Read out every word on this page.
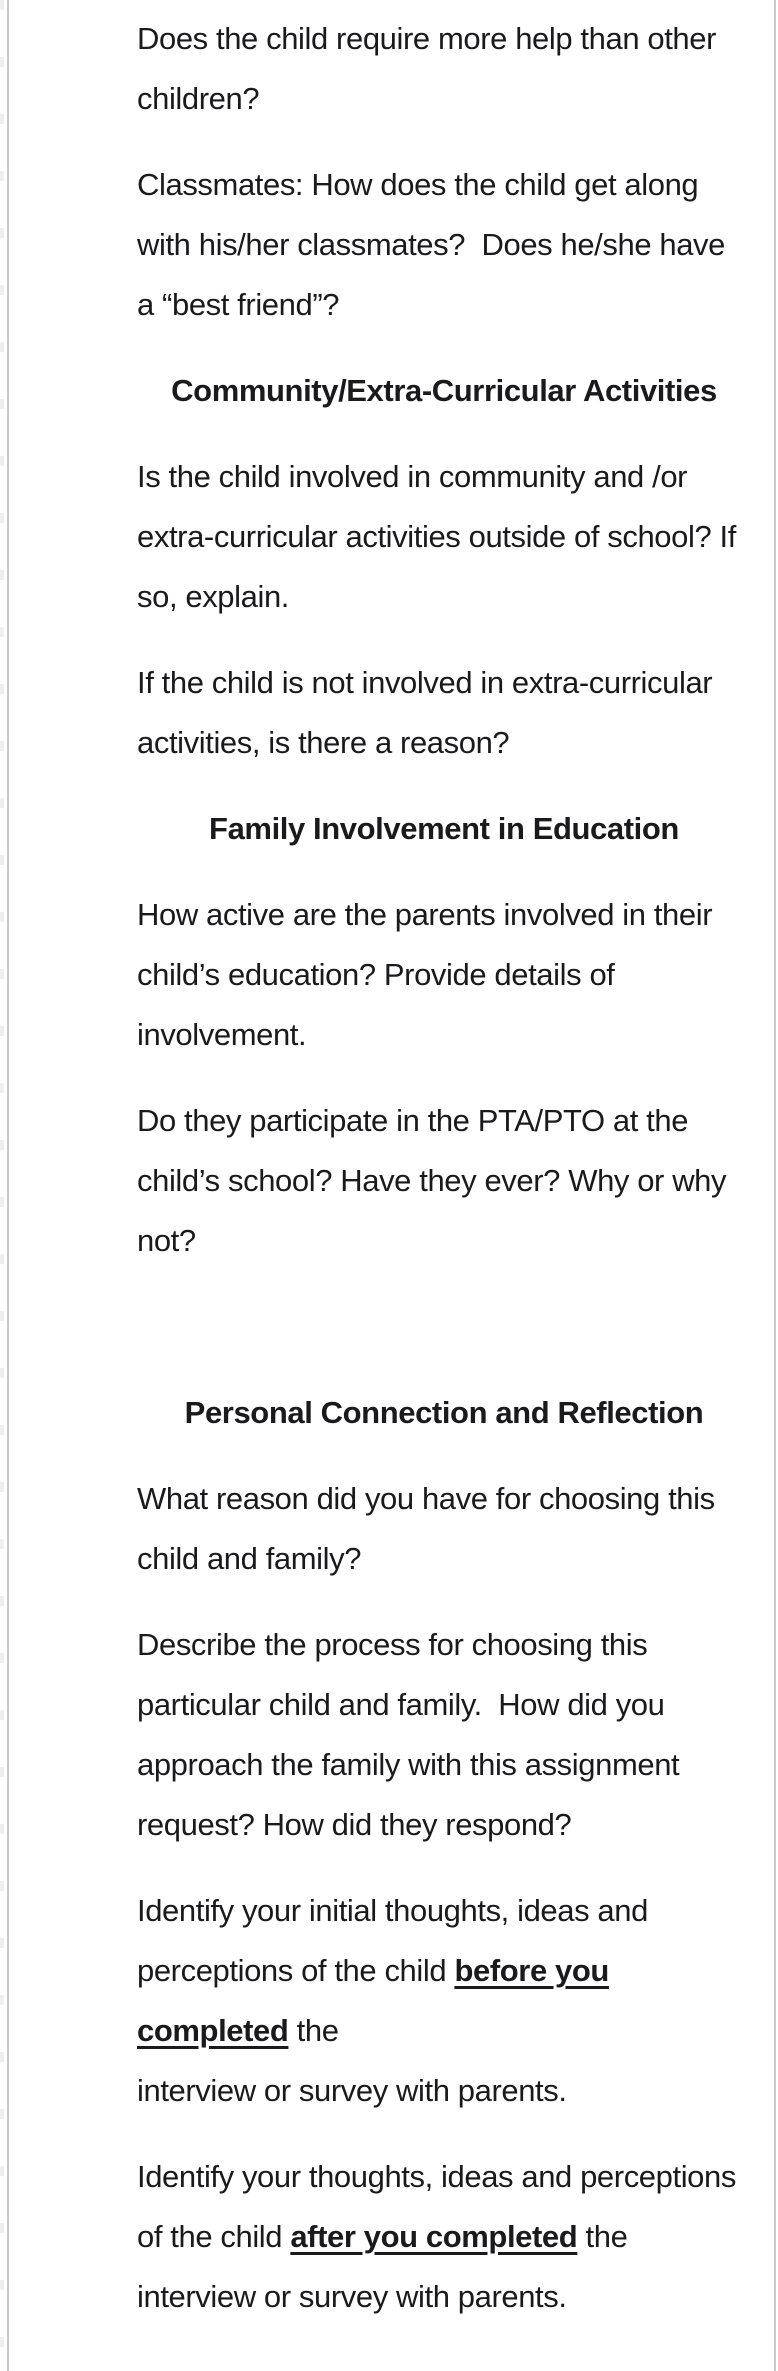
Does the child require more help than other
children?
Classmates: How does the child get along
with his/her classmates?  Does he/she have
a “best friend”?
Community/Extra-Curricular Activities
Is the child involved in community and /or
extra-curricular activities outside of school? If
so, explain.
If the child is not involved in extra-curricular
activities, is there a reason?
Family Involvement in Education
How active are the parents involved in their
child’s education? Provide details of
involvement.
Do they participate in the PTA/PTO at the
child’s school? Have they ever? Why or why
not?
Personal Connection and Reflection
What reason did you have for choosing this
child and family?
Describe the process for choosing this
particular child and family.  How did you
approach the family with this assignment
request? How did they respond?
Identify your initial thoughts, ideas and
perceptions of the child before you
completed the
interview or survey with parents.
Identify your thoughts, ideas and perceptions
of the child after you completed the
interview or survey with parents.
